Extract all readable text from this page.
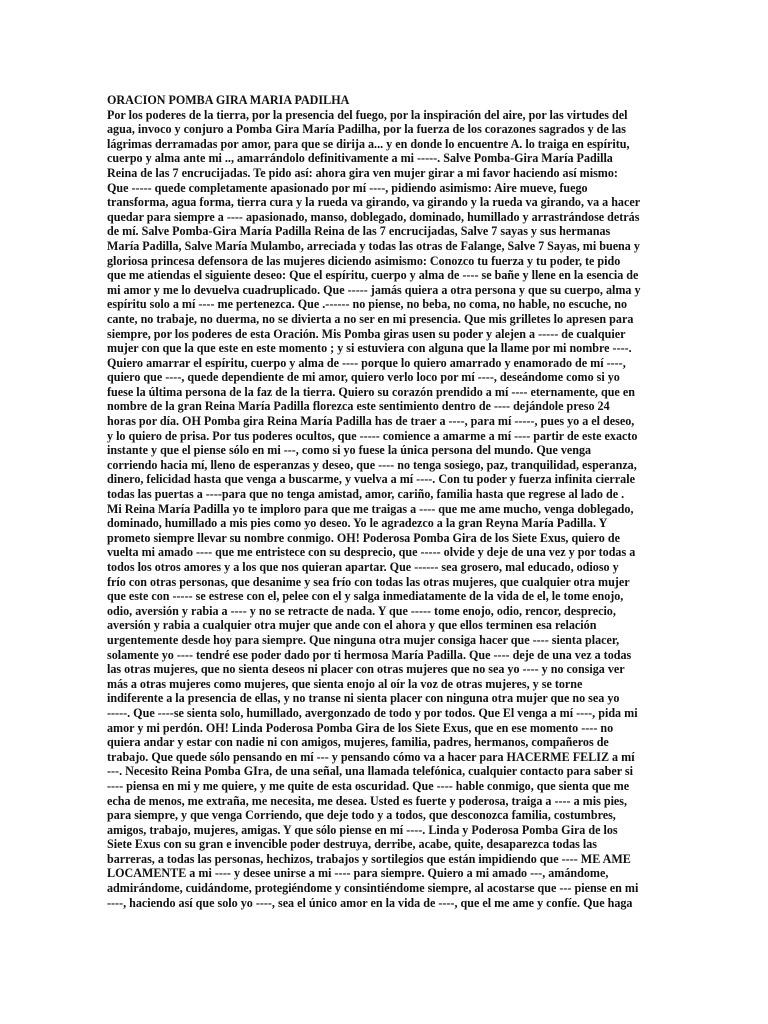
ORACION POMBA GIRA MARIA PADILHA
Por los poderes de la tierra, por la presencia del fuego, por la inspiración del aire, por las virtudes del
agua, invoco y conjuro a Pomba Gira María Padilha, por la fuerza de los corazones sagrados y de las
lágrimas derramadas por amor, para que se dirija a... y en donde lo encuentre A. lo traiga en espíritu,
cuerpo y alma ante mi .., amarrándolo definitivamente a mi -----. Salve Pomba-Gira María Padilla
Reina de las 7 encrucijadas. Te pido así: ahora gira ven mujer girar a mi favor haciendo así mismo:
Que ----- quede completamente apasionado por mí ----, pidiendo asimismo: Aire mueve, fuego
transforma, agua forma, tierra cura y la rueda va girando, va girando y la rueda va girando, va a hacer
quedar para siempre a ---- apasionado, manso, doblegado, dominado, humillado y arrastrándose detrás
de mí. Salve Pomba-Gira María Padilla Reina de las 7 encrucijadas, Salve 7 sayas y sus hermanas
María Padilla, Salve María Mulambo, arreciada y todas las otras de Falange, Salve 7 Sayas, mi buena y
gloriosa princesa defensora de las mujeres diciendo asimismo: Conozco tu fuerza y tu poder, te pido
que me atiendas el siguiente deseo: Que el espíritu, cuerpo y alma de ---- se bañe y llene en la esencia de
mi amor y me lo devuelva cuadruplicado. Que ----- jamás quiera a otra persona y que su cuerpo, alma y
espíritu solo a mí ---- me pertenezca. Que .------ no piense, no beba, no coma, no hable, no escuche, no
cante, no trabaje, no duerma, no se divierta a no ser en mi presencia. Que mis grilletes lo apresen para
siempre, por los poderes de esta Oración. Mis Pomba giras usen su poder y alejen a ----- de cualquier
mujer con que la que este en este momento ; y si estuviera con alguna que la llame por mi nombre ----.
Quiero amarrar el espíritu, cuerpo y alma de ---- porque lo quiero amarrado y enamorado de mí ----,
quiero que ----, quede dependiente de mi amor, quiero verlo loco por mí ----, deseándome como si yo
fuese la última persona de la faz de la tierra. Quiero su corazón prendido a mí ---- eternamente, que en
nombre de la gran Reina María Padilla florezca este sentimiento dentro de ---- dejándole preso 24
horas por día. OH Pomba gira Reina María Padilla has de traer a ----, para mí -----, pues yo a el deseo,
y lo quiero de prisa. Por tus poderes ocultos, que ----- comience a amarme a mí ---- partir de este exacto
instante y que el piense sólo en mi ---, como si yo fuese la única persona del mundo. Que venga
corriendo hacia mí, lleno de esperanzas y deseo, que ---- no tenga sosiego, paz, tranquilidad, esperanza,
dinero, felicidad hasta que venga a buscarme, y vuelva a mí ----. Con tu poder y fuerza infinita cierrale
todas las puertas a ----para que no tenga amistad, amor, cariño, familia hasta que regrese al lado de .
Mi Reina María Padilla yo te imploro para que me traigas a ---- que me ame mucho, venga doblegado,
dominado, humillado a mis pies como yo deseo. Yo le agradezco a la gran Reyna María Padilla. Y
prometo siempre llevar su nombre conmigo. OH! Poderosa Pomba Gira de los Siete Exus, quiero de
vuelta mi amado ---- que me entristece con su desprecio, que ----- olvide y deje de una vez y por todas a
todos los otros amores y a los que nos quieran apartar. Que ------ sea grosero, mal educado, odioso y
frío con otras personas, que desanime y sea frío con todas las otras mujeres, que cualquier otra mujer
que este con ----- se estrese con el, pelee con el y salga inmediatamente de la vida de el, le tome enojo,
odio, aversión y rabia a ---- y no se retracte de nada. Y que ----- tome enojo, odio, rencor, desprecio,
aversión y rabia a cualquier otra mujer que ande con el ahora y que ellos terminen esa relación
urgentemente desde hoy para siempre. Que ninguna otra mujer consiga hacer que ---- sienta placer,
solamente yo ---- tendré ese poder dado por ti hermosa María Padilla. Que ---- deje de una vez a todas
las otras mujeres, que no sienta deseos ni placer con otras mujeres que no sea yo ---- y no consiga ver
más a otras mujeres como mujeres, que sienta enojo al oír la voz de otras mujeres, y se torne
indiferente a la presencia de ellas, y no transe ni sienta placer con ninguna otra mujer que no sea yo
-----. Que ----se sienta solo, humillado, avergonzado de todo y por todos. Que El venga a mí ----, pida mi
amor y mi perdón. OH! Linda Poderosa Pomba Gira de los Siete Exus, que en ese momento ---- no
quiera andar y estar con nadie ni con amigos, mujeres, familia, padres, hermanos, compañeros de
trabajo. Que quede sólo pensando en mí --- y pensando cómo va a hacer para HACERME FELIZ a mí
---. Necesito Reina Pomba GIra, de una señal, una llamada telefónica, cualquier contacto para saber si
---- piensa en mi y me quiere, y me quite de esta oscuridad. Que ---- hable conmigo, que sienta que me
echa de menos, me extraña, me necesita, me desea. Usted es fuerte y poderosa, traiga a ---- a mis pies,
para siempre, y que venga Corriendo, que deje todo y a todos, que desconozca familia, costumbres,
amigos, trabajo, mujeres, amigas. Y que sólo piense en mí ----. Linda y Poderosa Pomba Gira de los
Siete Exus con su gran e invencible poder destruya, derribe, acabe, quite, desaparezca todas las
barreras, a todas las personas, hechizos, trabajos y sortilegios que están impidiendo que ---- ME AME
LOCAMENTE a mi ---- y desee unirse a mi ---- para siempre. Quiero a mi amado ---, amándome,
admirándome, cuidándome, protegiéndome y consintiéndome siempre, al acostarse que --- piense en mi
----, haciendo así que solo yo ----, sea el único amor en la vida de ----, que el me ame y confíe. Que haga
